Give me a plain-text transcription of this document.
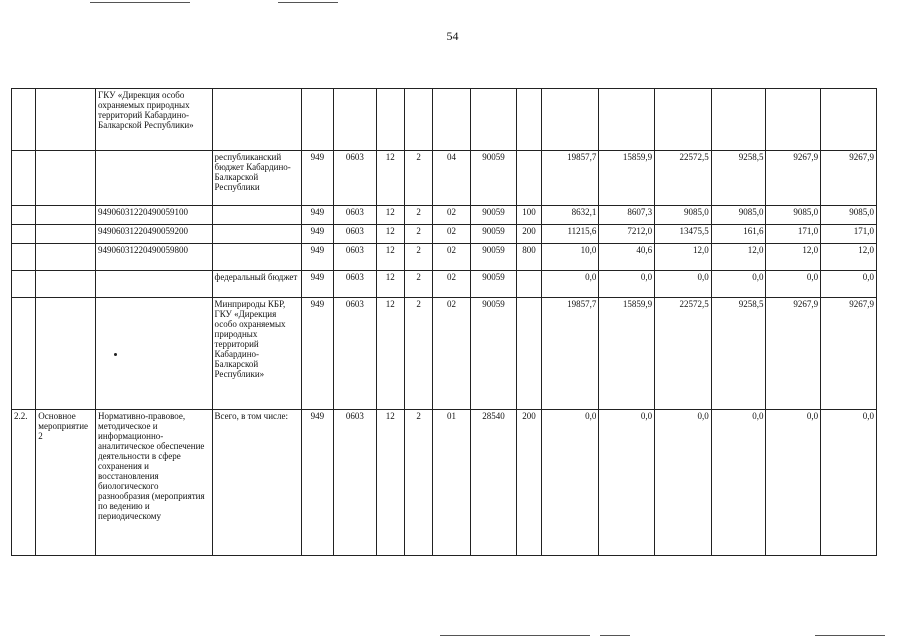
54
		ГКУ «Дирекция особо охраняемых природных территорий Кабардино-Балкарской Республики»														
			республиканский бюджет Кабардино-Балкарской Республики	949	0603	12	2	04	90059		19857,7	15859,9	22572,5	9258,5	9267,9	9267,9
		94906031220490059100		949	0603	12	2	02	90059	100	8632,1	8607,3	9085,0	9085,0	9085,0	9085,0
		94906031220490059200		949	0603	12	2	02	90059	200	11215,6	7212,0	13475,5	161,6	171,0	171,0
		94906031220490059800		949	0603	12	2	02	90059	800	10,0	40,6	12,0	12,0	12,0	12,0
			федеральный бюджет	949	0603	12	2	02	90059		0,0	0,0	0,0	0,0	0,0	0,0
			Минприроды КБР, ГКУ «Дирекция особо охраняемых природных территорий Кабардино-Балкарской Республики»	949	0603	12	2	02	90059		19857,7	15859,9	22572,5	9258,5	9267,9	9267,9
2.2.	Основное мероприятие 2	Нормативно-правовое, методическое и информационно-аналитическое обеспечение деятельности в сфере сохранения и восстановления биологического разнообразия (мероприятия по ведению и периодическому	Всего, в том числе:	949	0603	12	2	01	28540	200	0,0	0,0	0,0	0,0	0,0	0,0
